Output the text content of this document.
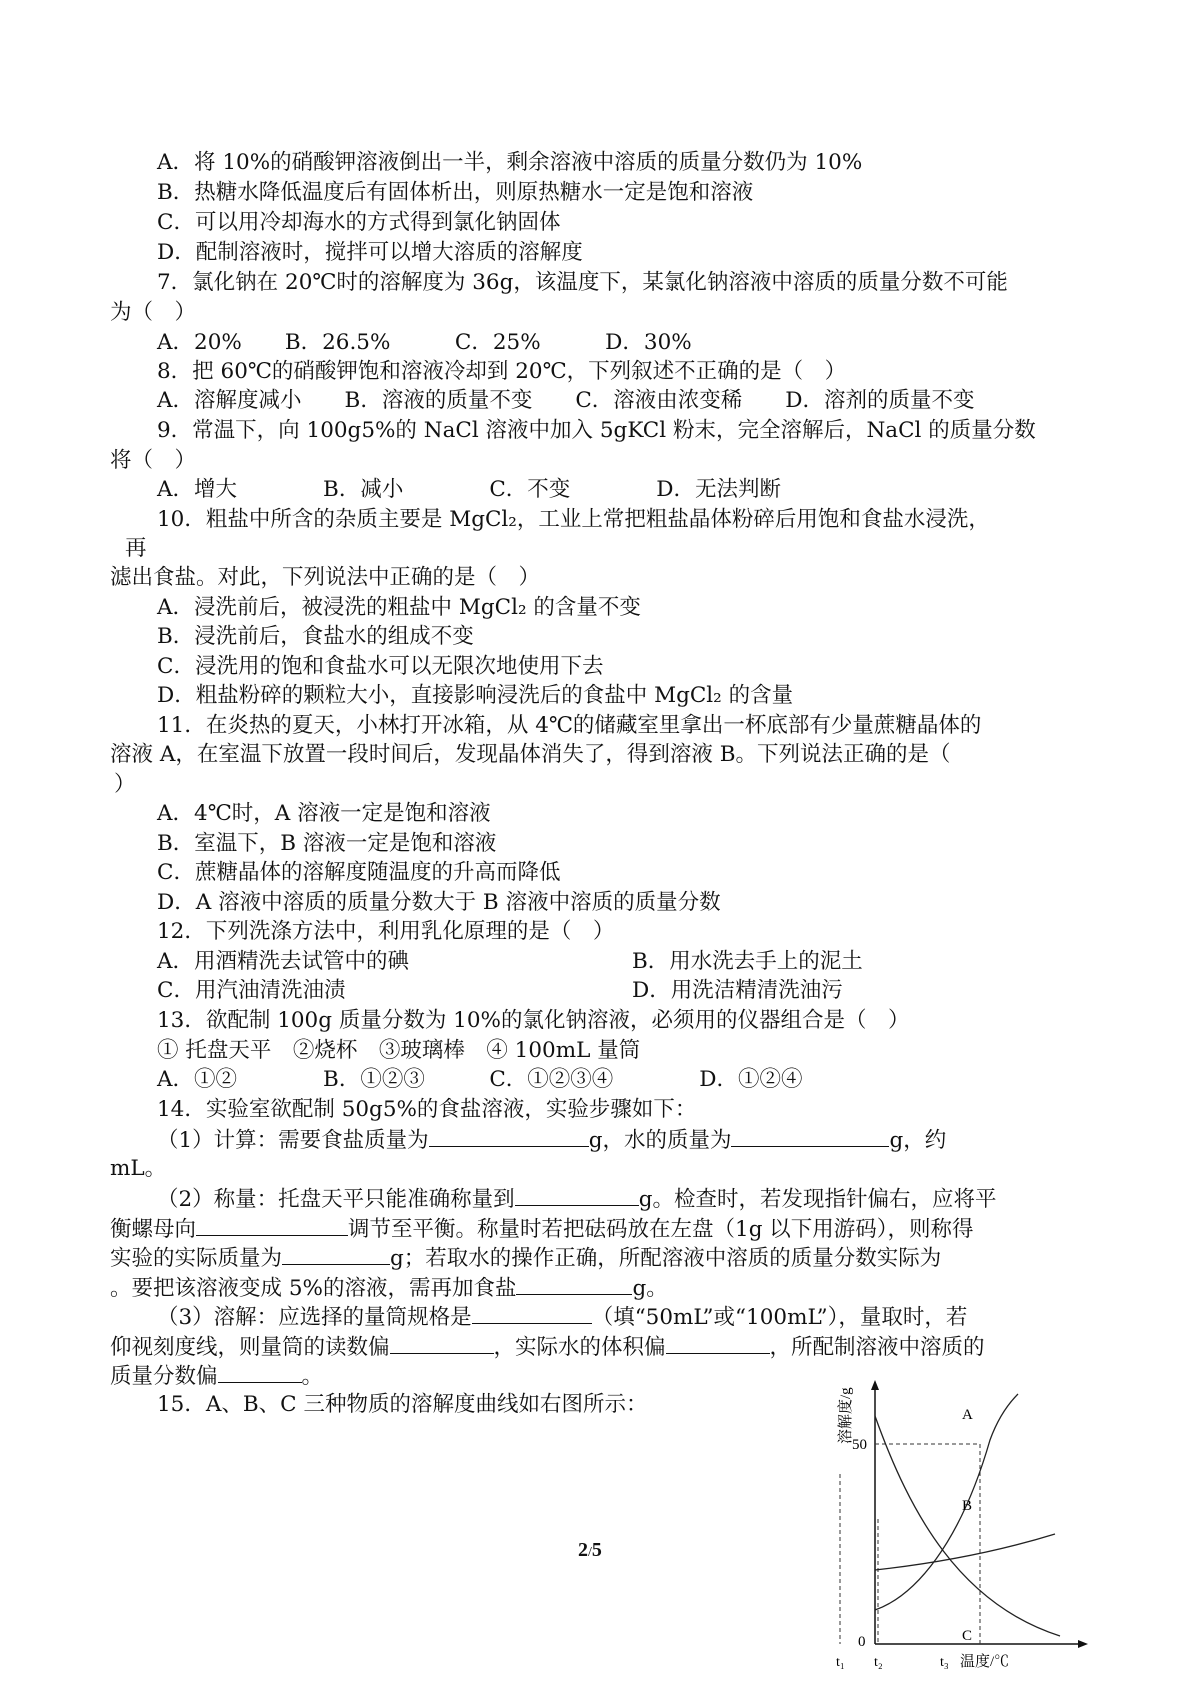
A．将 10%的硝酸钾溶液倒出一半，剩余溶液中溶质的质量分数仍为 10%
B．热糖水降低温度后有固体析出，则原热糖水一定是饱和溶液
C．可以用冷却海水的方式得到氯化钠固体
D．配制溶液时，搅拌可以增大溶质的溶解度
7．氯化钠在 20℃时的溶解度为 36g，该温度下，某氯化钠溶液中溶质的质量分数不可能
为（　）
A．20%　　B．26.5%　　　C．25%　　　D．30%
8．把 60℃的硝酸钾饱和溶液冷却到 20℃，下列叙述不正确的是（　）
A．溶解度减小　　B．溶液的质量不变　　C．溶液由浓变稀　　D．溶剂的质量不变
9．常温下，向 100g5%的 NaCl 溶液中加入 5gKCl 粉末，完全溶解后，NaCl 的质量分数
将（　）
A．增大　　　　B．减小　　　　C．不变　　　　D．无法判断
10．粗盐中所含的杂质主要是 MgCl₂，工业上常把粗盐晶体粉碎后用饱和食盐水浸洗，
再
滤出食盐。对此，下列说法中正确的是（　）
A．浸洗前后，被浸洗的粗盐中 MgCl₂ 的含量不变
B．浸洗前后，食盐水的组成不变
C．浸洗用的饱和食盐水可以无限次地使用下去
D．粗盐粉碎的颗粒大小，直接影响浸洗后的食盐中 MgCl₂ 的含量
11．在炎热的夏天，小林打开冰箱，从 4℃的储藏室里拿出一杯底部有少量蔗糖晶体的
溶液 A，在室温下放置一段时间后，发现晶体消失了，得到溶液 B。下列说法正确的是（
）
A．4℃时，A 溶液一定是饱和溶液
B．室温下，B 溶液一定是饱和溶液
C．蔗糖晶体的溶解度随温度的升高而降低
D．A 溶液中溶质的质量分数大于 B 溶液中溶质的质量分数
12．下列洗涤方法中，利用乳化原理的是（　）
A．用酒精洗去试管中的碘	B．用水洗去手上的泥土
C．用汽油清洗油渍	D．用洗洁精清洗油污
13．欲配制 100g 质量分数为 10%的氯化钠溶液，必须用的仪器组合是（　）
① 托盘天平　②烧杯　③玻璃棒　④ 100mL 量筒
A．①②　　　　B．①②③　　　C．①②③④　　　　D．①②④
14．实验室欲配制 50g5%的食盐溶液，实验步骤如下：
（1）计算：需要食盐质量为	g，水的质量为	g，约
mL。
（2）称量：托盘天平只能准确称量到	g。检查时，若发现指针偏右，应将平
衡螺母向	调节至平衡。称量时若把砝码放在左盘（1g 以下用游码），则称得
实验的实际质量为	g；若取水的操作正确，所配溶液中溶质的质量分数实际为
。要把该溶液变成 5%的溶液，需再加食盐	g。
（3）溶解：应选择的量筒规格是	（填“50mL”或“100mL”），量取时，若
仰视刻度线，则量筒的读数偏	，实际水的体积偏	，所配制溶液中溶质的
质量分数偏	。
15．A、B、C 三种物质的溶解度曲线如右图所示：
2/5
溶解度/g
50
0
A
B
C
t₁ t₂	t₃ 温度/℃
